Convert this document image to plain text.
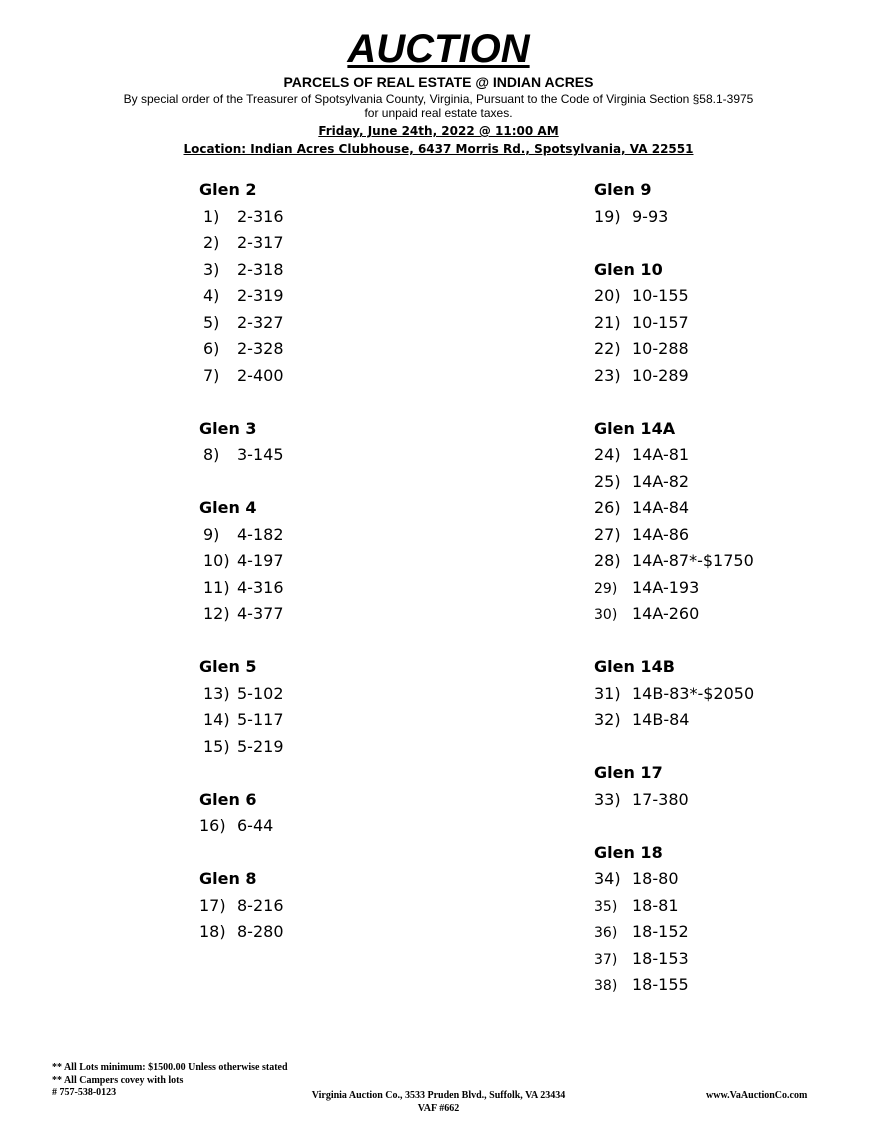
AUCTION
PARCELS OF REAL ESTATE @ INDIAN ACRES
By special order of the Treasurer of Spotsylvania County, Virginia, Pursuant to the Code of Virginia Section §58.1-3975
for unpaid real estate taxes.
Friday, June 24th, 2022 @ 11:00 AM
Location: Indian Acres Clubhouse, 6437 Morris Rd., Spotsylvania, VA 22551
Glen 2
1) 2-316
2) 2-317
3) 2-318
4) 2-319
5) 2-327
6) 2-328
7) 2-400
Glen 3
8) 3-145
Glen 4
9) 4-182
10) 4-197
11) 4-316
12) 4-377
Glen 5
13) 5-102
14) 5-117
15) 5-219
Glen 6
16) 6-44
Glen 8
17) 8-216
18) 8-280
Glen 9
19) 9-93
Glen 10
20) 10-155
21) 10-157
22) 10-288
23) 10-289
Glen 14A
24) 14A-81
25) 14A-82
26) 14A-84
27) 14A-86
28) 14A-87*-$1750
29) 14A-193
30) 14A-260
Glen 14B
31) 14B-83*-$2050
32) 14B-84
Glen 17
33) 17-380
Glen 18
34) 18-80
35) 18-81
36) 18-152
37) 18-153
38) 18-155
** All Lots minimum: $1500.00 Unless otherwise stated
** All Campers covey with lots
# 757-538-0123	Virginia Auction Co., 3533 Pruden Blvd., Suffolk, VA 23434
VAF #662
www.VaAuctionCo.com
